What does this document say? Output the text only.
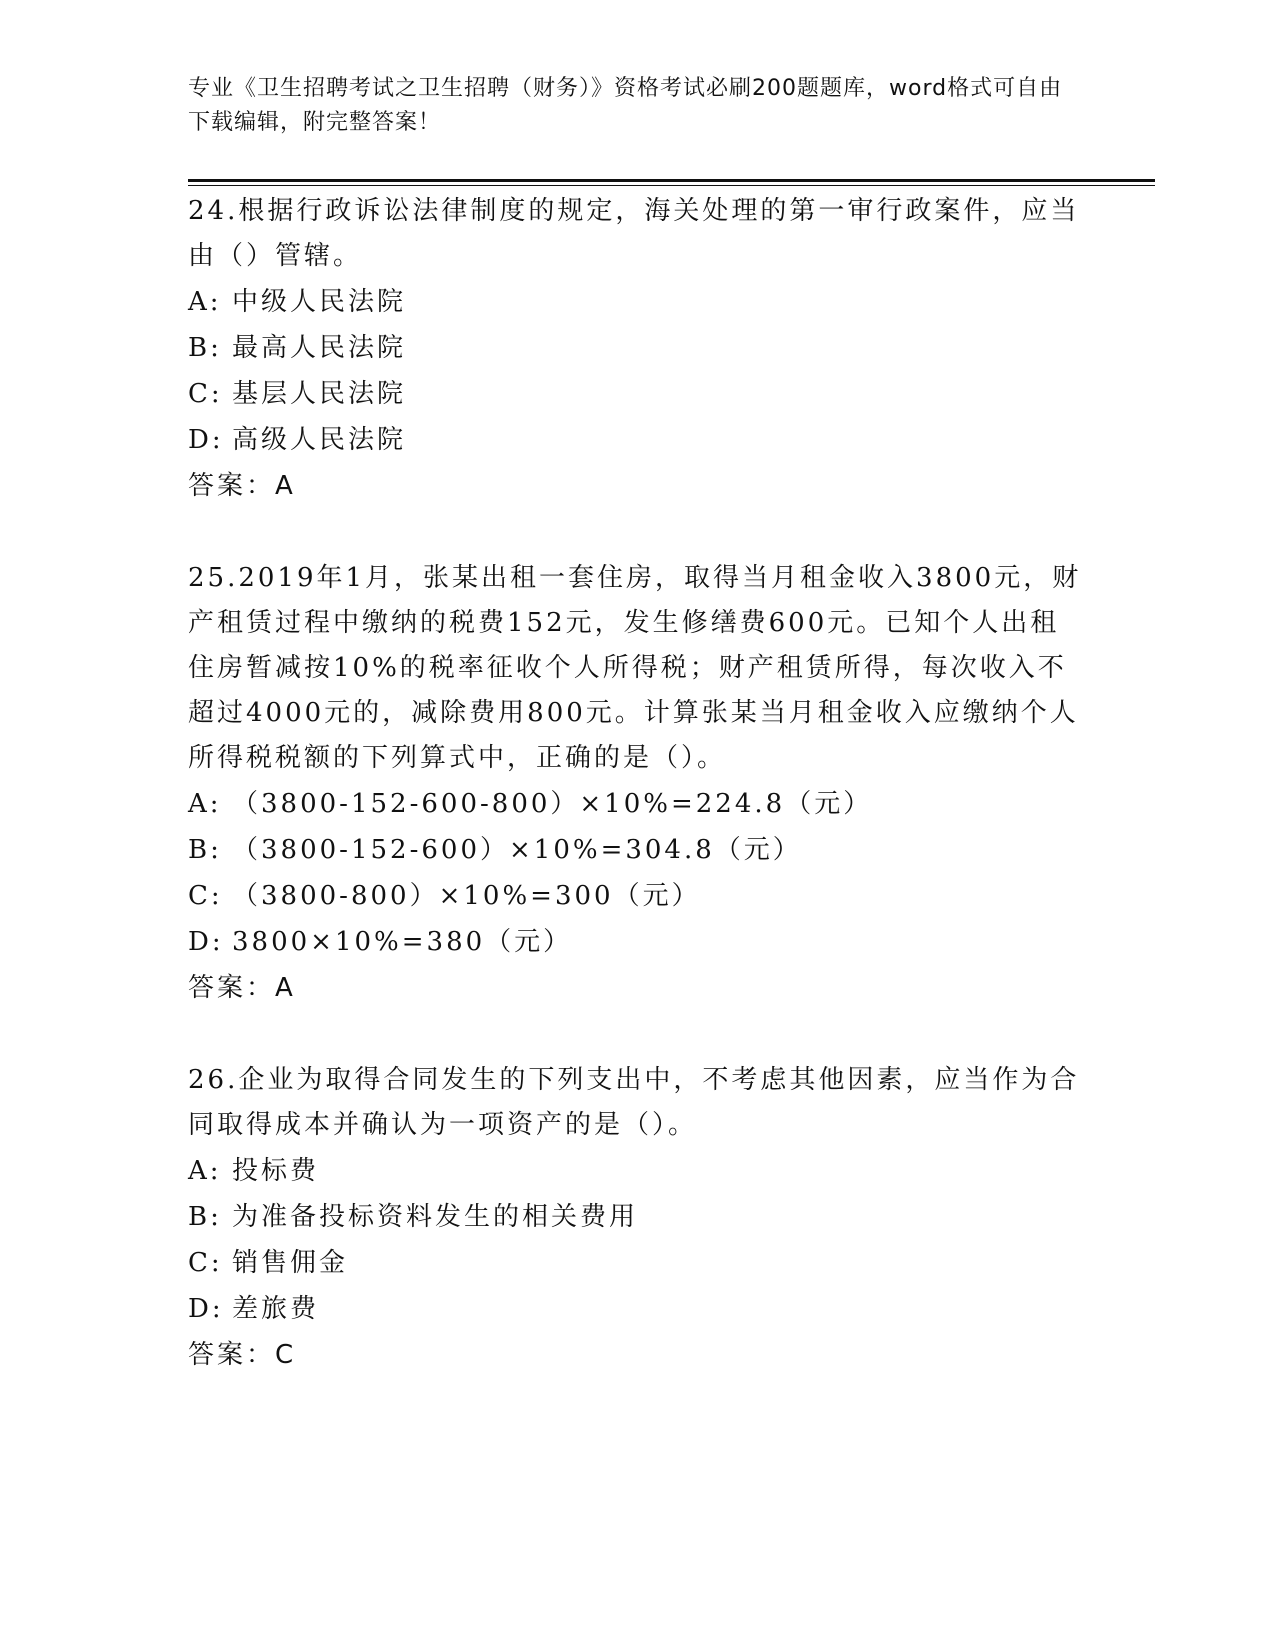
专业《卫生招聘考试之卫生招聘（财务）》资格考试必刷200题题库，word格式可自由下载编辑，附完整答案！

24.根据行政诉讼法律制度的规定，海关处理的第一审行政案件，应当由（）管辖。

A: 中级人民法院

B: 最高人民法院

C: 基层人民法院

D: 高级人民法院

答案：A

25.2019年1月，张某出租一套住房，取得当月租金收入3800元，财产租赁过程中缴纳的税费152元，发生修缮费600元。已知个人出租住房暂减按10%的税率征收个人所得税；财产租赁所得，每次收入不超过4000元的，减除费用800元。计算张某当月租金收入应缴纳个人所得税税额的下列算式中，正确的是（）。

A: （3800-152-600-800）×10%=224.8（元）

B: （3800-152-600）×10%=304.8（元）

C: （3800-800）×10%=300（元）

D: 3800×10%=380（元）

答案：A

26.企业为取得合同发生的下列支出中，不考虑其他因素，应当作为合同取得成本并确认为一项资产的是（）。

A: 投标费

B: 为准备投标资料发生的相关费用

C: 销售佣金

D: 差旅费

答案：C
